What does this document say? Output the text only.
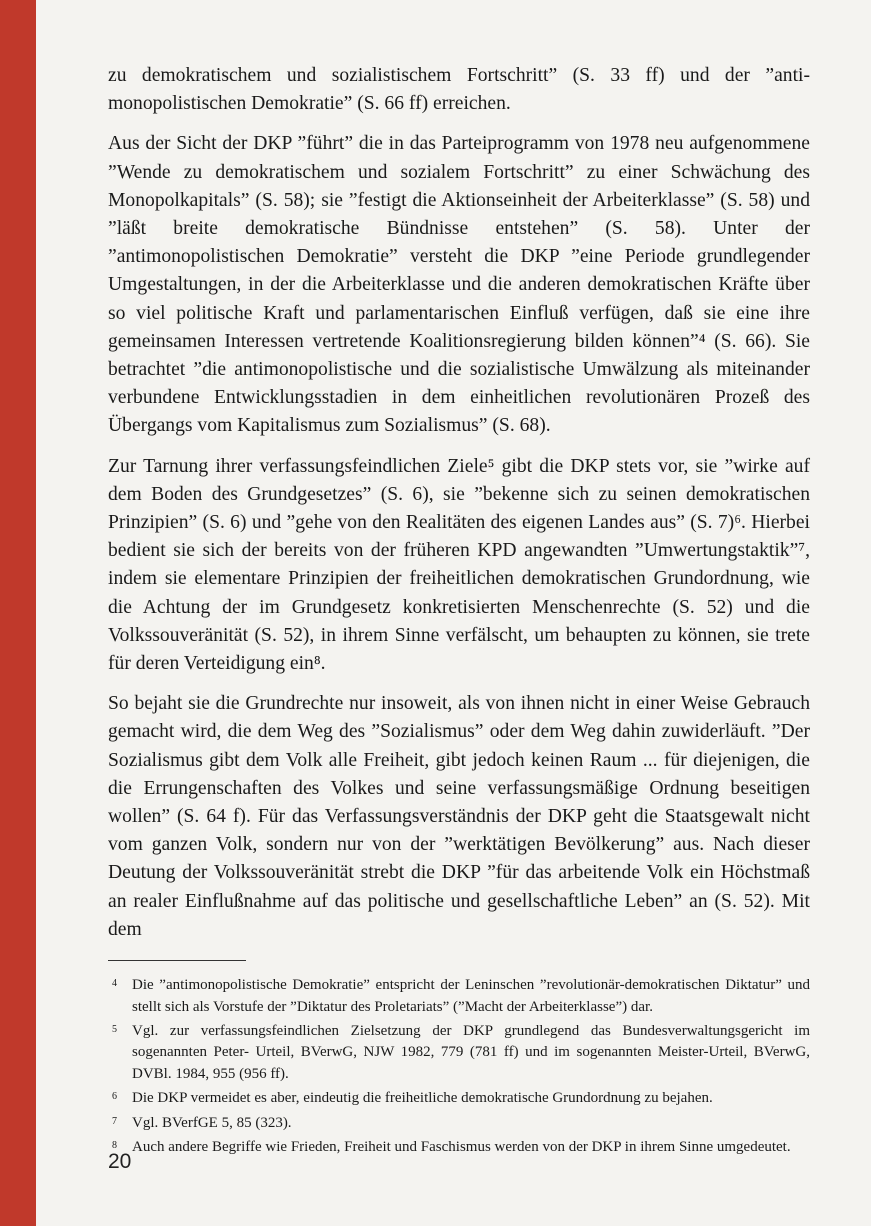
zu demokratischem und sozialistischem Fortschritt” (S. 33 ff) und der ”anti-monopolistischen Demokratie” (S. 66 ff) erreichen.

Aus der Sicht der DKP ”führt” die in das Parteiprogramm von 1978 neu aufgenommene ”Wende zu demokratischem und sozialem Fortschritt” zu einer Schwächung des Monopolkapitals” (S. 58); sie ”festigt die Aktionseinheit der Arbeiterklasse” (S. 58) und ”läßt breite demokratische Bündnisse entstehen” (S. 58). Unter der ”antimonopolistischen Demokratie” versteht die DKP ”eine Periode grundlegender Umgestaltungen, in der die Arbeiterklasse und die anderen demokratischen Kräfte über so viel politische Kraft und parlamentarischen Einfluß verfügen, daß sie eine ihre gemeinsamen Interessen vertretende Koalitionsregierung bilden können”⁴ (S. 66). Sie betrachtet ”die antimonopolistische und die sozialistische Umwälzung als miteinander verbundene Entwicklungsstadien in dem einheitlichen revolutionären Prozeß des Übergangs vom Kapitalismus zum Sozialismus” (S. 68).

Zur Tarnung ihrer verfassungsfeindlichen Ziele⁵ gibt die DKP stets vor, sie ”wirke auf dem Boden des Grundgesetzes” (S. 6), sie ”bekenne sich zu seinen demokratischen Prinzipien” (S. 6) und ”gehe von den Realitäten des eigenen Landes aus” (S. 7)⁶. Hierbei bedient sie sich der bereits von der früheren KPD angewandten ”Umwertungstaktik”⁷, indem sie elementare Prinzipien der freiheitlichen demokratischen Grundordnung, wie die Achtung der im Grundgesetz konkretisierten Menschenrechte (S. 52) und die Volkssouveränität (S. 52), in ihrem Sinne verfälscht, um behaupten zu können, sie trete für deren Verteidigung ein⁸.

So bejaht sie die Grundrechte nur insoweit, als von ihnen nicht in einer Weise Gebrauch gemacht wird, die dem Weg des ”Sozialismus” oder dem Weg dahin zuwiderläuft. ”Der Sozialismus gibt dem Volk alle Freiheit, gibt jedoch keinen Raum ... für diejenigen, die die Errungenschaften des Volkes und seine verfassungsmäßige Ordnung beseitigen wollen” (S. 64 f). Für das Verfassungsverständnis der DKP geht die Staatsgewalt nicht vom ganzen Volk, sondern nur von der ”werktätigen Bevölkerung” aus. Nach dieser Deutung der Volkssouveränität strebt die DKP ”für das arbeitende Volk ein Höchstmaß an realer Einflußnahme auf das politische und gesellschaftliche Leben” an (S. 52). Mit dem

4 Die ”antimonopolistische Demokratie” entspricht der Leninschen ”revolutionär-demokratischen Diktatur” und stellt sich als Vorstufe der ”Diktatur des Proletariats” (”Macht der Arbeiterklasse”) dar.
5 Vgl. zur verfassungsfeindlichen Zielsetzung der DKP grundlegend das Bundesverwaltungsgericht im sogenannten Peter- Urteil, BVerwG, NJW 1982, 779 (781 ff) und im sogenannten Meister-Urteil, BVerwG, DVBl. 1984, 955 (956 ff).
6 Die DKP vermeidet es aber, eindeutig die freiheitliche demokratische Grundordnung zu bejahen.
7 Vgl. BVerfGE 5, 85 (323).
8 Auch andere Begriffe wie Frieden, Freiheit und Faschismus werden von der DKP in ihrem Sinne umgedeutet.
20
